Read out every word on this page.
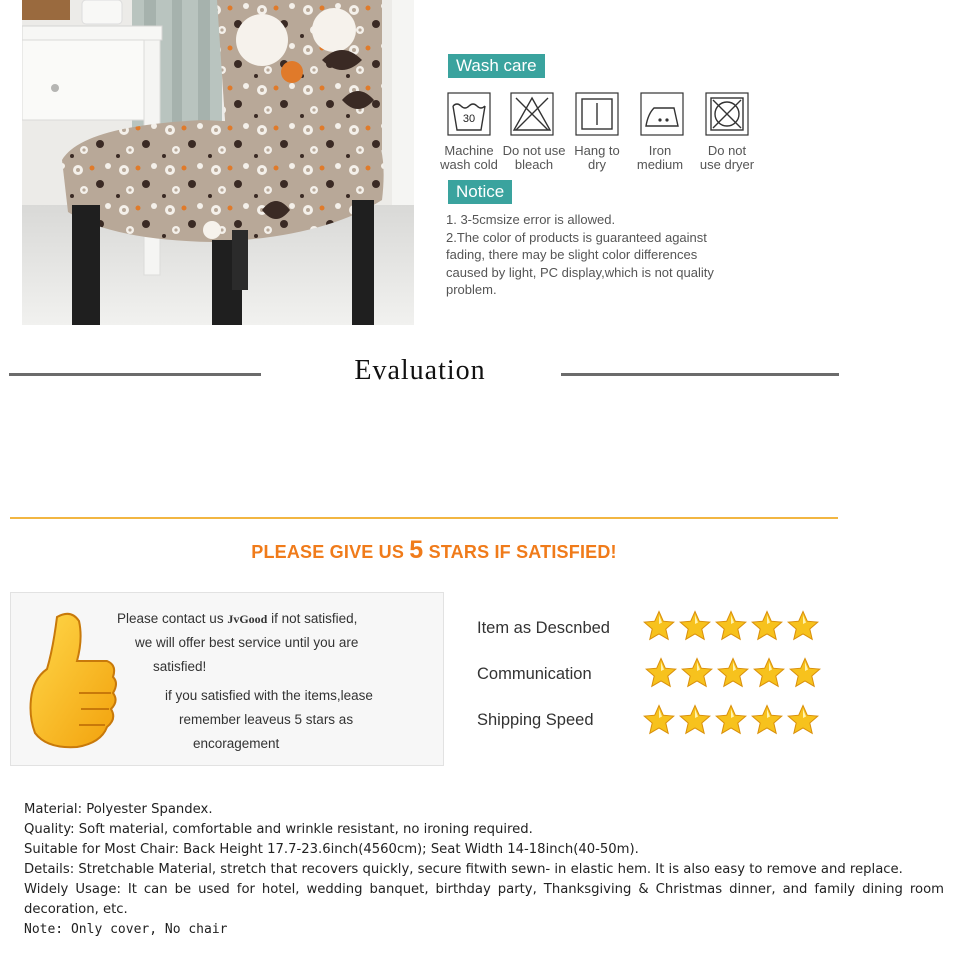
Wash care
30
Machine
wash cold
Do not use
bleach
Hang to
dry
Iron
medium
Do not
use dryer
Notice
1. 3-5cmsize error is allowed.
2.The color of products is guaranteed against
fading, there may be slight color differences
caused by light, PC display,which is not quality
problem.
Evaluation
PLEASE GIVE US 5 STARS IF SATISFIED!
Please contact us JvGood if not satisfied,
we will offer best service until you are
satisfied!
if you satisfied with the items,lease
remember leaveus 5 stars as
encoragement
Item as Descnbed
Communication
Shipping Speed
Material: Polyester Spandex.
Quality: Soft material, comfortable and wrinkle resistant, no ironing required.
Suitable for Most Chair: Back Height 17.7-23.6inch(4560cm); Seat Width 14-18inch(40-50m).
Details: Stretchable Material, stretch that recovers quickly, secure fitwith sewn- in elastic hem. It is also easy to remove and replace.
Widely Usage: It can be used for hotel, wedding banquet, birthday party, Thanksgiving & Christmas dinner, and family dining room decoration, etc.
Note: Only cover, No chair
